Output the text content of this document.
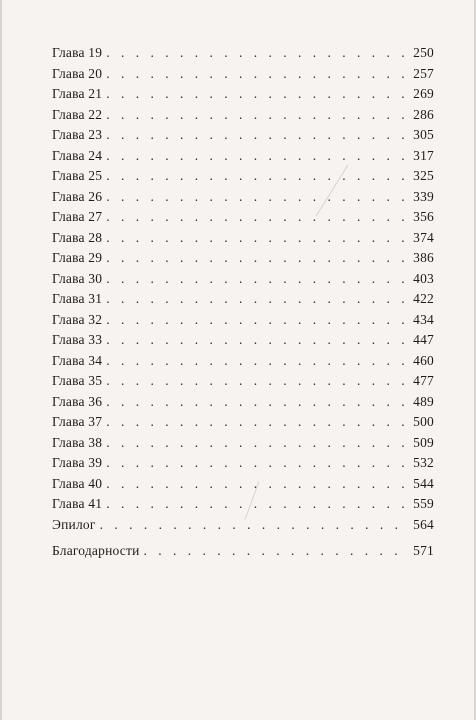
Глава 19 . . .	250
Глава 20 . . .	257
Глава 21 . . .	269
Глава 22 . . .	286
Глава 23 . . .	305
Глава 24 . . .	317
Глава 25 . . .	325
Глава 26 . . .	339
Глава 27 . . .	356
Глава 28 . . .	374
Глава 29 . . .	386
Глава 30 . . .	403
Глава 31 . . .	422
Глава 32 . . .	434
Глава 33 . . .	447
Глава 34 . . .	460
Глава 35 . . .	477
Глава 36 . . .	489
Глава 37 . . .	500
Глава 38 . . .	509
Глава 39 . . .	532
Глава 40 . . .	544
Глава 41 . . .	559
Эпилог . . .	564
Благодарности . . .	571
